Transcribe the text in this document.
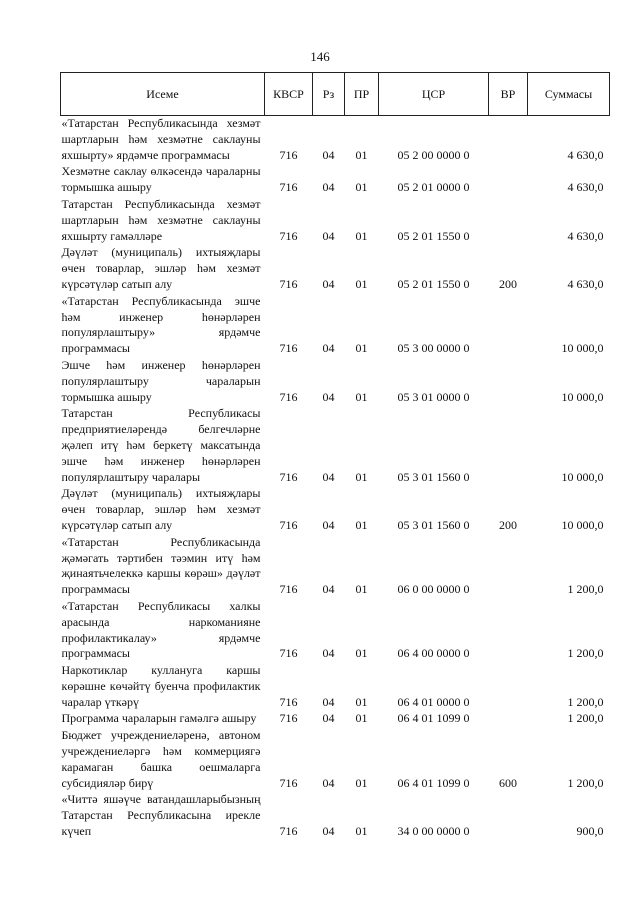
146
Исеме	КВСР	Рз	ПР	ЦСР	ВР	Суммасы
«Татарстан Республикасында хезмәт шартларын һәм хезмәтне саклауны яхшырту» ярдәмче программасы	716	04	01	05 2 00 0000 0		4 630,0
Хезмәтне саклау өлкәсендә чараларны тормышка ашыру	716	04	01	05 2 01 0000 0		4 630,0
Татарстан Республикасында хезмәт шартларын һәм хезмәтне саклауны яхшырту гамәлләре	716	04	01	05 2 01 1550 0		4 630,0
Дәүләт (муниципаль) ихтыяҗлары өчен товарлар, эшләр һәм хезмәт күрсәтүләр сатып алу	716	04	01	05 2 01 1550 0	200	4 630,0
«Татарстан Республикасында эшче һәм инженер һөнәрләрен популярлаштыру» ярдәмче программасы	716	04	01	05 3 00 0000 0		10 000,0
Эшче һәм инженер һөнәрләрен популярлаштыру чараларын тормышка ашыру	716	04	01	05 3 01 0000 0		10 000,0
Татарстан Республикасы предприятиеләрендә белгечләрне җәлеп итү һәм беркетү максатында эшче һәм инженер һөнәрләрен популярлаштыру чаралары	716	04	01	05 3 01 1560 0		10 000,0
Дәүләт (муниципаль) ихтыяҗлары өчен товарлар, эшләр һәм хезмәт күрсәтүләр сатып алу	716	04	01	05 3 01 1560 0	200	10 000,0
«Татарстан Республикасында җәмәгать тәртибен тәэмин итү һәм җинаятьчелеккә каршы көрәш» дәүләт программасы	716	04	01	06 0 00 0000 0		1 200,0
«Татарстан Республикасы халкы арасында наркоманияне профилактикалау» ярдәмче программасы	716	04	01	06 4 00 0000 0		1 200,0
Наркотиклар куллануга каршы көрәшне көчәйтү буенча профилактик чаралар үткәрү	716	04	01	06 4 01 0000 0		1 200,0
Программа чараларын гамәлгә ашыру	716	04	01	06 4 01 1099 0		1 200,0
Бюджет учреждениеләренә, автоном учреждениеләргә һәм коммерциягә карамаган башка оешмаларга субсидияләр бирү	716	04	01	06 4 01 1099 0	600	1 200,0
«Читтә яшәүче ватандашларыбызның Татарстан Республикасына ирекле күчеп	716	04	01	34 0 00 0000 0		900,0
